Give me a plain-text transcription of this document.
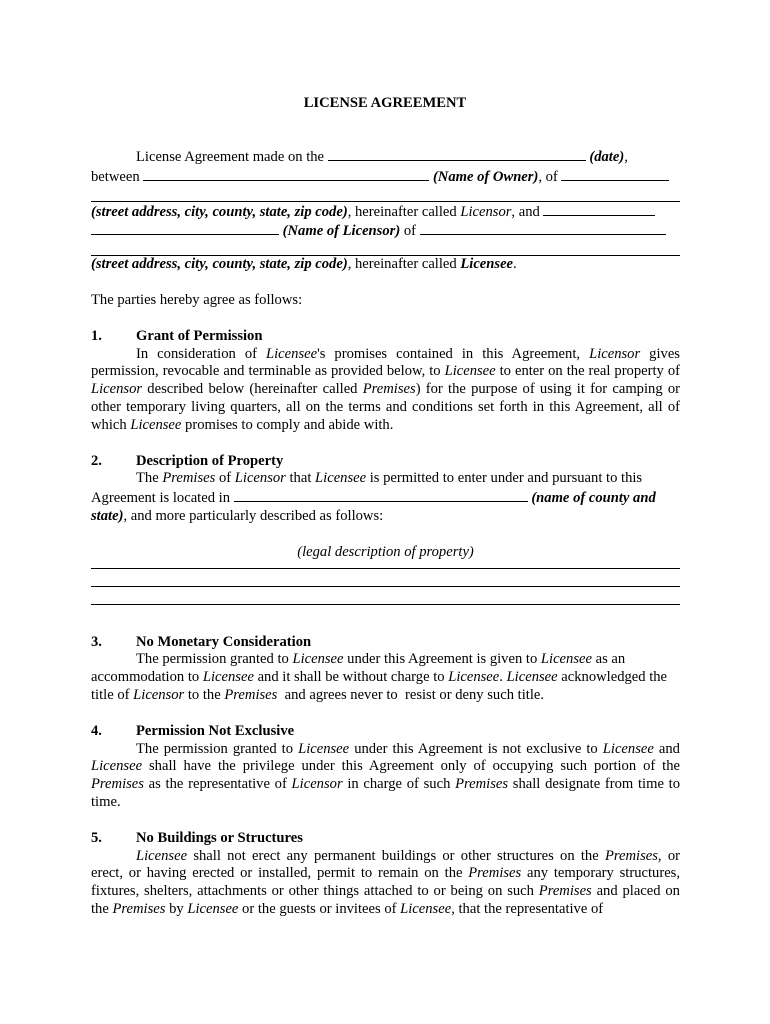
LICENSE AGREEMENT

License Agreement made on the	(date),

between	(Name of Owner), of

(street address, city, county, state, zip code), hereinafter called Licensor, and

(Name of Licensor) of

(street address, city, county, state, zip code), hereinafter called Licensee.

The parties hereby agree as follows:

1.	Grant of Permission

In consideration of Licensee's promises contained in this Agreement, Licensor gives permission, revocable and terminable as provided below, to Licensee to enter on the real property of Licensor described below (hereinafter called Premises) for the purpose of using it for camping or other temporary living quarters, all on the terms and conditions set forth in this Agreement, all of which Licensee promises to comply and abide with.

2.	Description of Property

The Premises of Licensor that Licensee is permitted to enter under and pursuant to this

Agreement is located in	(name of county and state), and more particularly described as follows:

(legal description of property)

3.	No Monetary Consideration

The permission granted to Licensee under this Agreement is given to Licensee as an accommodation to Licensee and it shall be without charge to Licensee. Licensee acknowledged the title of Licensor to the Premises  and agrees never to  resist or deny such title.

4.	Permission Not Exclusive

The permission granted to Licensee under this Agreement is not exclusive to Licensee and Licensee shall have the privilege under this Agreement only of occupying such portion of the Premises as the representative of Licensor in charge of such Premises shall designate from time to time.

5.	No Buildings or Structures

Licensee shall not erect any permanent buildings or other structures on the Premises, or erect, or having erected or installed, permit to remain on the Premises any temporary structures, fixtures, shelters, attachments or other things attached to or being on such Premises and placed on the Premises by Licensee or the guests or invitees of Licensee, that the representative of
